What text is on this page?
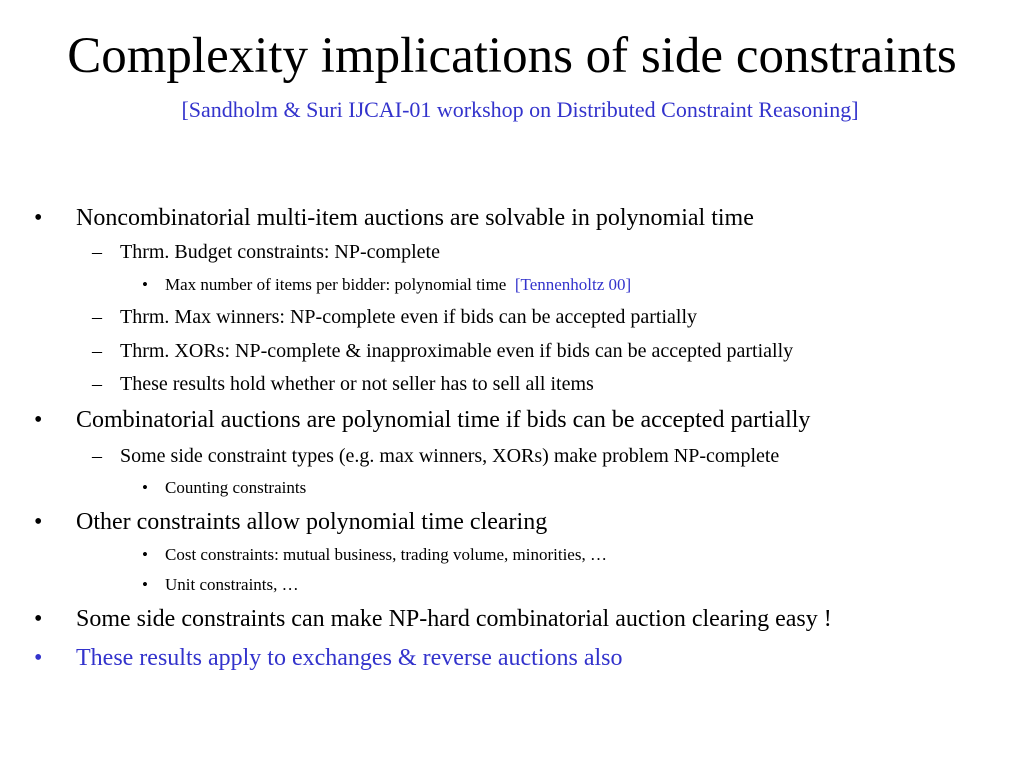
Complexity implications of side constraints
[Sandholm & Suri IJCAI-01 workshop on Distributed Constraint Reasoning]
• Noncombinatorial multi-item auctions are solvable in polynomial time
– Thrm. Budget constraints: NP-complete
• Max number of items per bidder: polynomial time [Tennenholtz 00]
– Thrm. Max winners: NP-complete even if bids can be accepted partially
– Thrm. XORs: NP-complete & inapproximable even if bids can be accepted partially
– These results hold whether or not seller has to sell all items
• Combinatorial auctions are polynomial time if bids can be accepted partially
– Some side constraint types (e.g. max winners, XORs) make problem NP-complete
• Counting constraints
• Other constraints allow polynomial time clearing
• Cost constraints: mutual business, trading volume, minorities, …
• Unit constraints, …
• Some side constraints can make NP-hard combinatorial auction clearing easy !
• These results apply to exchanges & reverse auctions also
